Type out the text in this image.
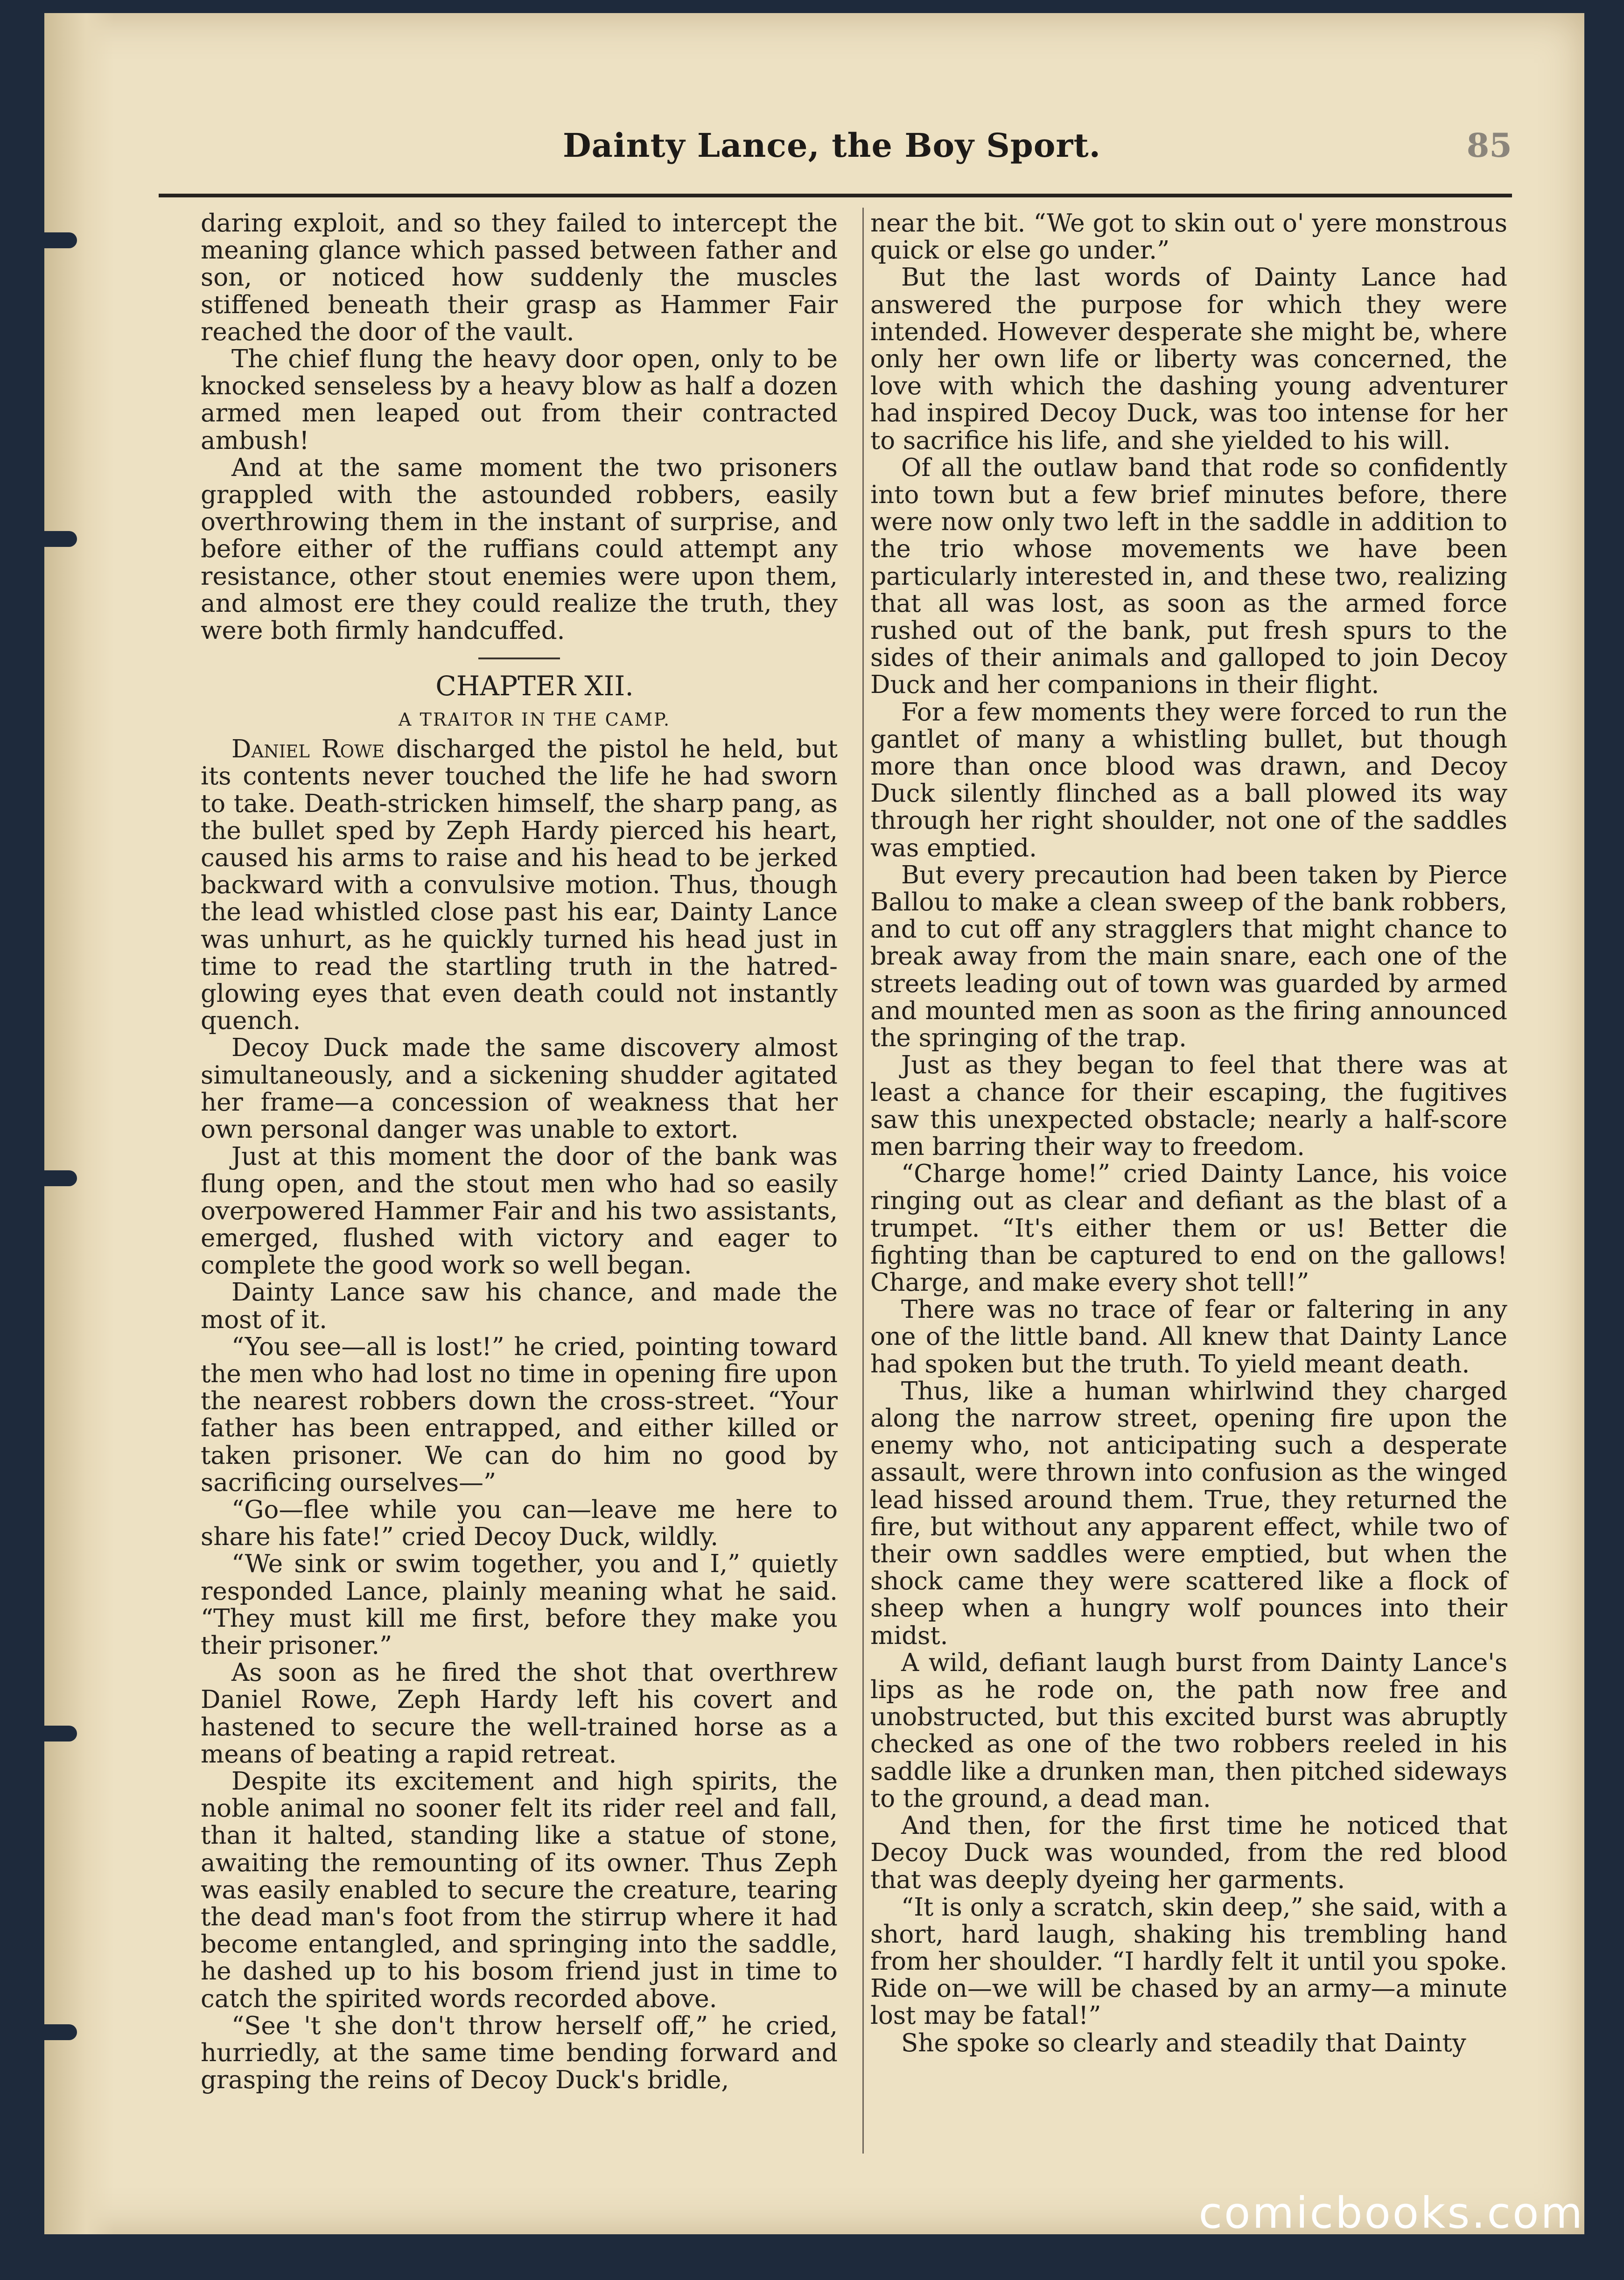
Dainty Lance, the Boy Sport.	85

daring exploit, and so they failed to intercept the meaning glance which passed between father and son, or noticed how suddenly the muscles stiffened beneath their grasp as Hammer Fair reached the door of the vault.

The chief flung the heavy door open, only to be knocked senseless by a heavy blow as half a dozen armed men leaped out from their contracted ambush!

And at the same moment the two prisoners grappled with the astounded robbers, easily overthrowing them in the instant of surprise, and before either of the ruffians could attempt any resistance, other stout enemies were upon them, and almost ere they could realize the truth, they were both firmly handcuffed.

CHAPTER XII.

A TRAITOR IN THE CAMP.

Daniel Rowe discharged the pistol he held, but its contents never touched the life he had sworn to take. Death-stricken himself, the sharp pang, as the bullet sped by Zeph Hardy pierced his heart, caused his arms to raise and his head to be jerked backward with a convulsive motion. Thus, though the lead whistled close past his ear, Dainty Lance was unhurt, as he quickly turned his head just in time to read the startling truth in the hatred-glowing eyes that even death could not instantly quench.

Decoy Duck made the same discovery almost simultaneously, and a sickening shudder agitated her frame—a concession of weakness that her own personal danger was unable to extort.

Just at this moment the door of the bank was flung open, and the stout men who had so easily overpowered Hammer Fair and his two assistants, emerged, flushed with victory and eager to complete the good work so well began.

Dainty Lance saw his chance, and made the most of it.

“You see—all is lost!” he cried, pointing toward the men who had lost no time in opening fire upon the nearest robbers down the cross-street. “Your father has been entrapped, and either killed or taken prisoner. We can do him no good by sacrificing ourselves—”

“Go—flee while you can—leave me here to share his fate!” cried Decoy Duck, wildly.

“We sink or swim together, you and I,” quietly responded Lance, plainly meaning what he said. “They must kill me first, before they make you their prisoner.”

As soon as he fired the shot that overthrew Daniel Rowe, Zeph Hardy left his covert and hastened to secure the well-trained horse as a means of beating a rapid retreat.

Despite its excitement and high spirits, the noble animal no sooner felt its rider reel and fall, than it halted, standing like a statue of stone, awaiting the remounting of its owner. Thus Zeph was easily enabled to secure the creature, tearing the dead man's foot from the stirrup where it had become entangled, and springing into the saddle, he dashed up to his bosom friend just in time to catch the spirited words recorded above.

“See 't she don't throw herself off,” he cried, hurriedly, at the same time bending forward and grasping the reins of Decoy Duck's bridle,

near the bit. “We got to skin out o' yere monstrous quick or else go under.”

But the last words of Dainty Lance had answered the purpose for which they were intended. However desperate she might be, where only her own life or liberty was concerned, the love with which the dashing young adventurer had inspired Decoy Duck, was too intense for her to sacrifice his life, and she yielded to his will.

Of all the outlaw band that rode so confidently into town but a few brief minutes before, there were now only two left in the saddle in addition to the trio whose movements we have been particularly interested in, and these two, realizing that all was lost, as soon as the armed force rushed out of the bank, put fresh spurs to the sides of their animals and galloped to join Decoy Duck and her companions in their flight.

For a few moments they were forced to run the gantlet of many a whistling bullet, but though more than once blood was drawn, and Decoy Duck silently flinched as a ball plowed its way through her right shoulder, not one of the saddles was emptied.

But every precaution had been taken by Pierce Ballou to make a clean sweep of the bank robbers, and to cut off any stragglers that might chance to break away from the main snare, each one of the streets leading out of town was guarded by armed and mounted men as soon as the firing announced the springing of the trap.

Just as they began to feel that there was at least a chance for their escaping, the fugitives saw this unexpected obstacle; nearly a half-score men barring their way to freedom.

“Charge home!” cried Dainty Lance, his voice ringing out as clear and defiant as the blast of a trumpet. “It's either them or us! Better die fighting than be captured to end on the gallows! Charge, and make every shot tell!”

There was no trace of fear or faltering in any one of the little band. All knew that Dainty Lance had spoken but the truth. To yield meant death.

Thus, like a human whirlwind they charged along the narrow street, opening fire upon the enemy who, not anticipating such a desperate assault, were thrown into confusion as the winged lead hissed around them. True, they returned the fire, but without any apparent effect, while two of their own saddles were emptied, but when the shock came they were scattered like a flock of sheep when a hungry wolf pounces into their midst.

A wild, defiant laugh burst from Dainty Lance's lips as he rode on, the path now free and unobstructed, but this excited burst was abruptly checked as one of the two robbers reeled in his saddle like a drunken man, then pitched sideways to the ground, a dead man.

And then, for the first time he noticed that Decoy Duck was wounded, from the red blood that was deeply dyeing her garments.

“It is only a scratch, skin deep,” she said, with a short, hard laugh, shaking his trembling hand from her shoulder. “I hardly felt it until you spoke. Ride on—we will be chased by an army—a minute lost may be fatal!”

She spoke so clearly and steadily that Dainty

comicbooks.com
